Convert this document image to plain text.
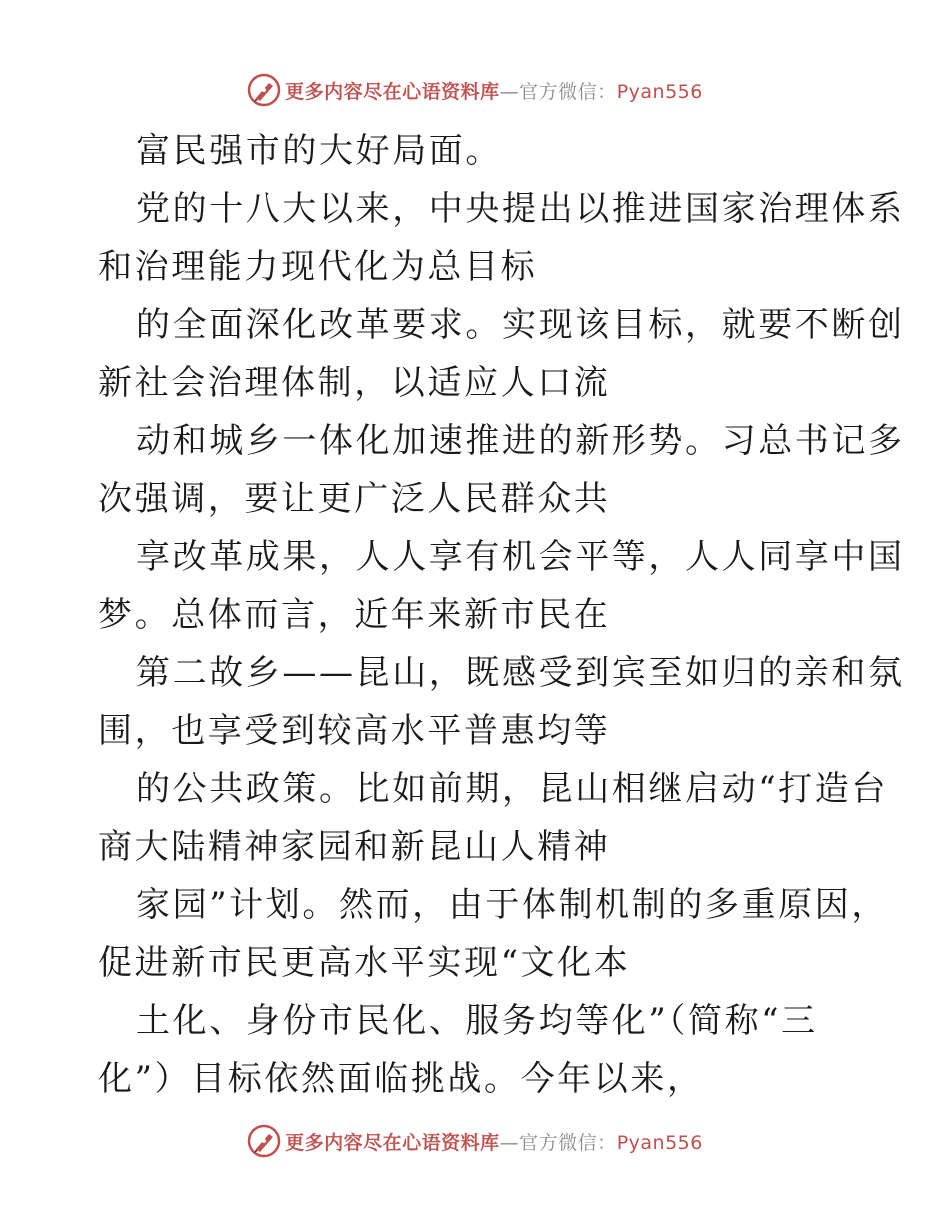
更多内容尽在心语资料库—官方微信：Pyan556
富民强市的大好局面。
党的十八大以来，中央提出以推进国家治理体系
和治理能力现代化为总目标
的全面深化改革要求。实现该目标，就要不断创
新社会治理体制，以适应人口流
动和城乡一体化加速推进的新形势。习总书记多
次强调，要让更广泛人民群众共
享改革成果，人人享有机会平等，人人同享中国
梦。总体而言，近年来新市民在
第二故乡——昆山，既感受到宾至如归的亲和氛
围，也享受到较高水平普惠均等
的公共政策。比如前期，昆山相继启动“打造台
商大陆精神家园和新昆山人精神
家园”计划。然而，由于体制机制的多重原因，
促进新市民更高水平实现“文化本
土化、身份市民化、服务均等化”（简称“三
化”）目标依然面临挑战。今年以来，
更多内容尽在心语资料库—官方微信：Pyan556
